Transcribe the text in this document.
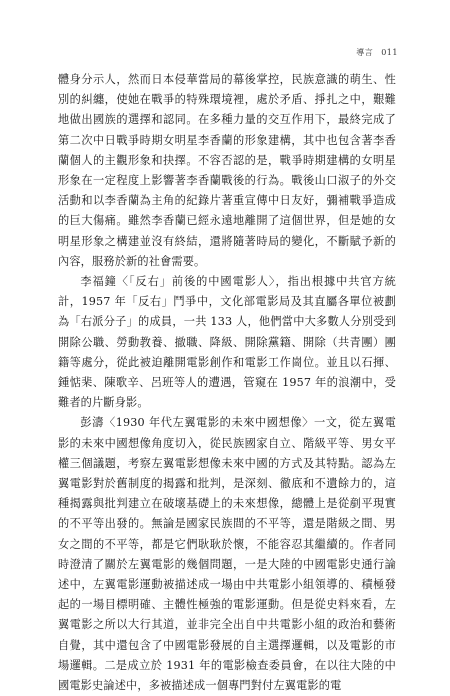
導言 011

體身分示人，然而日本侵華當局的幕後掌控，民族意識的萌生、性別的糾纏，使她在戰爭的特殊環境裡，處於矛盾、掙扎之中，艱難地做出國族的選擇和認同。在多種力量的交互作用下，最終完成了第二次中日戰爭時期女明星李香蘭的形象建構，其中也包含著李香蘭個人的主觀形象和抉擇。不容否認的是，戰爭時期建構的女明星形象在一定程度上影響著李香蘭戰後的行為。戰後山口淑子的外交活動和以李香蘭為主角的紀錄片著重宣傳中日友好，彌補戰爭造成的巨大傷痛。雖然李香蘭已經永遠地離開了這個世界，但是她的女明星形象之構建並沒有終結，還將隨著時局的變化，不斷賦予新的內容，服務於新的社會需要。

李福鐘〈「反右」前後的中國電影人〉，指出根據中共官方統計，1957 年「反右」鬥爭中，文化部電影局及其直屬各單位被劃為「右派分子」的成員，一共 133 人，他們當中大多數人分別受到開除公職、勞動教養、撤職、降級、開除黨籍、開除（共青團）團籍等處分，從此被迫離開電影創作和電影工作崗位。並且以石揮、鍾惦棐、陳歌辛、呂班等人的遭遇，管窺在 1957 年的浪潮中，受難者的片斷身影。

彭濤〈1930 年代左翼電影的未來中國想像〉一文，從左翼電影的未來中國想像角度切入，從民族國家自立、階級平等、男女平權三個議題，考察左翼電影想像未來中國的方式及其特點。認為左翼電影對於舊制度的揭露和批判，是深刻、徹底和不遺餘力的，這種揭露與批判建立在破壞基礎上的未來想像，總體上是從剷平現實的不平等出發的。無論是國家民族間的不平等，還是階級之間、男女之間的不平等，都是它們耿耿於懷，不能容忍其繼續的。作者同時澄清了關於左翼電影的幾個問題，一是大陸的中國電影史通行論述中，左翼電影運動被描述成一場由中共電影小組領導的、積極發起的一場目標明確、主體性極強的電影運動。但是從史料來看，左翼電影之所以大行其道，並非完全出自中共電影小組的政治和藝術自覺，其中還包含了中國電影發展的自主選擇邏輯，以及電影的市場邏輯。二是成立於 1931 年的電影檢查委員會，在以往大陸的中國電影史論述中，多被描述成一個專門對付左翼電影的電
